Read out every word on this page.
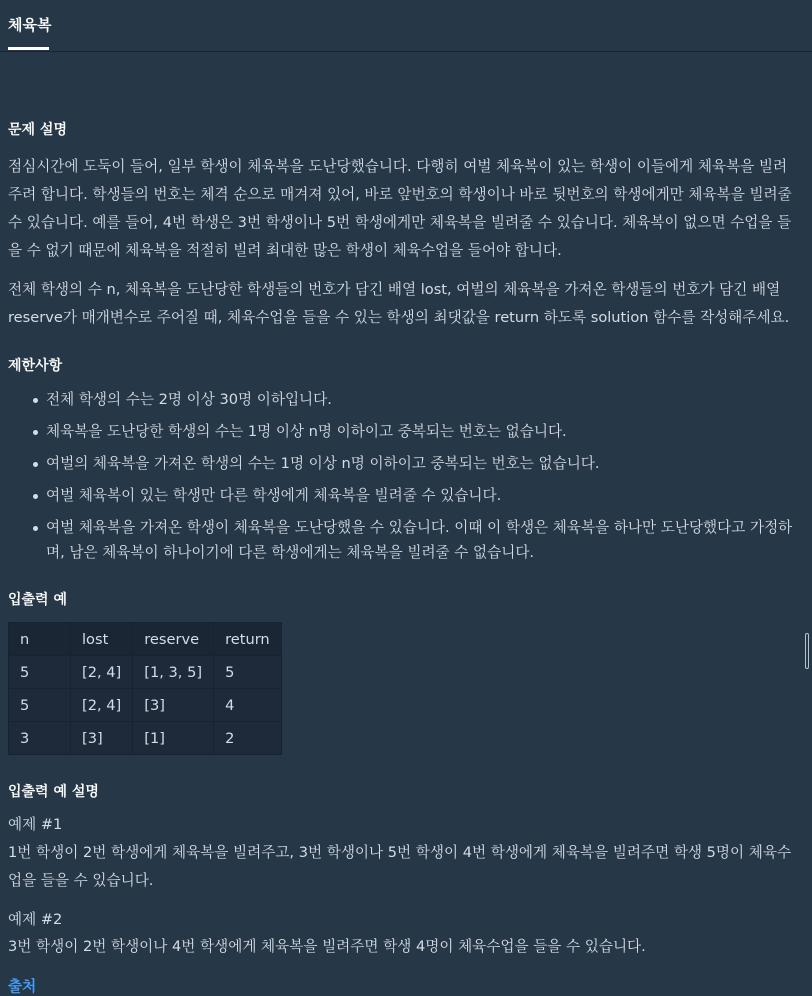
체육복
문제 설명

점심시간에 도둑이 들어, 일부 학생이 체육복을 도난당했습니다. 다행히 여벌 체육복이 있는 학생이 이들에게 체육복을 빌려주려 합니다. 학생들의 번호는 체격 순으로 매겨져 있어, 바로 앞번호의 학생이나 바로 뒷번호의 학생에게만 체육복을 빌려줄 수 있습니다. 예를 들어, 4번 학생은 3번 학생이나 5번 학생에게만 체육복을 빌려줄 수 있습니다. 체육복이 없으면 수업을 들을 수 없기 때문에 체육복을 적절히 빌려 최대한 많은 학생이 체육수업을 들어야 합니다.

전체 학생의 수 n, 체육복을 도난당한 학생들의 번호가 담긴 배열 lost, 여벌의 체육복을 가져온 학생들의 번호가 담긴 배열 reserve가 매개변수로 주어질 때, 체육수업을 들을 수 있는 학생의 최댓값을 return 하도록 solution 함수를 작성해주세요.

제한사항
전체 학생의 수는 2명 이상 30명 이하입니다.
체육복을 도난당한 학생의 수는 1명 이상 n명 이하이고 중복되는 번호는 없습니다.
여벌의 체육복을 가져온 학생의 수는 1명 이상 n명 이하이고 중복되는 번호는 없습니다.
여벌 체육복이 있는 학생만 다른 학생에게 체육복을 빌려줄 수 있습니다.
여벌 체육복을 가져온 학생이 체육복을 도난당했을 수 있습니다. 이때 이 학생은 체육복을 하나만 도난당했다고 가정하며, 남은 체육복이 하나이기에 다른 학생에게는 체육복을 빌려줄 수 없습니다.
입출력 예
n	lost	reserve	return
5	[2, 4]	[1, 3, 5]	5
5	[2, 4]	[3]	4
3	[3]	[1]	2
입출력 예 설명

예제 #1

1번 학생이 2번 학생에게 체육복을 빌려주고, 3번 학생이나 5번 학생이 4번 학생에게 체육복을 빌려주면 학생 5명이 체육수업을 들을 수 있습니다.

예제 #2

3번 학생이 2번 학생이나 4번 학생에게 체육복을 빌려주면 학생 4명이 체육수업을 들을 수 있습니다.

출처
